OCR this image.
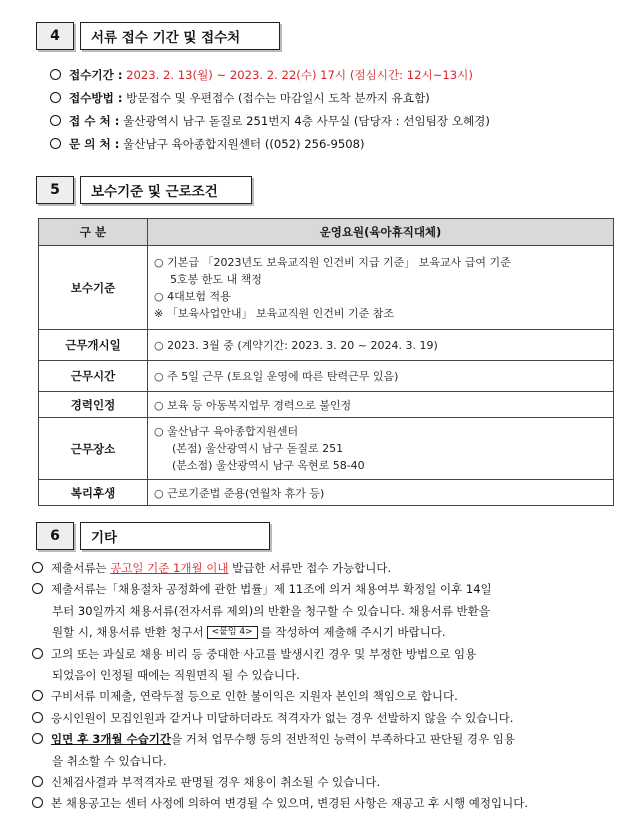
4	서류 접수 기간 및 접수처
접수기간 : 2023. 2. 13(월) ~ 2023. 2. 22(수) 17시 (점심시간: 12시~13시)
접수방법 : 방문접수 및 우편접수 (접수는 마감일시 도착 분까지 유효함)
접 수 처 : 울산광역시 남구 돋질로 251번지 4층 사무실 (담당자 : 선임팀장 오혜경)
문 의 처 : 울산남구 육아종합지원센터 ((052) 256-9508)
5	보수기준 및 근로조건
구 분	운영요원(육아휴직대체)
보수기준	○ 기본급 「2023년도 보육교직원 인건비 지급 기준」 보육교사 급여 기준
5호봉 한도 내 책정
○ 4대보험 적용
※ 「보육사업안내」 보육교직원 인건비 기준 참조

근무개시일	○ 2023. 3월 중 (계약기간: 2023. 3. 20 ~ 2024. 3. 19)
근무시간	○ 주 5일 근무 (토요일 운영에 따른 탄력근무 있음)
경력인정	○ 보육 등 아동복지업무 경력으로 불인정
근무장소	○ 울산남구 육아종합지원센터
(본점) 울산광역시 남구 돋질로 251
(분소점) 울산광역시 남구 옥현로 58-40

복리후생	○ 근로기준법 준용(연월차 휴가 등)
6	기타
제출서류는 공고일 기준 1개월 이내 발급한 서류만 접수 가능합니다.
제출서류는「채용절차 공정화에 관한 법률」제 11조에 의거 채용여부 확정일 이후 14일
부터 30일까지 채용서류(전자서류 제외)의 반환을 청구할 수 있습니다. 채용서류 반환을
원할 시, 채용서류 반환 청구서 <붙임 4> 를 작성하여 제출해 주시기 바랍니다.
고의 또는 과실로 채용 비리 등 중대한 사고를 발생시킨 경우 및 부정한 방법으로 임용
되었음이 인정될 때에는 직원면직 될 수 있습니다.
구비서류 미제출, 연락두절 등으로 인한 불이익은 지원자 본인의 책임으로 합니다.
응시인원이 모집인원과 같거나 미달하더라도 적격자가 없는 경우 선발하지 않을 수 있습니다.
임면 후 3개월 수습기간을 거쳐 업무수행 등의 전반적인 능력이 부족하다고 판단될 경우 임용
을 취소할 수 있습니다.
신체검사결과 부적격자로 판명될 경우 채용이 취소될 수 있습니다.
본 채용공고는 센터 사정에 의하여 변경될 수 있으며, 변경된 사항은 재공고 후 시행 예정입니다.
